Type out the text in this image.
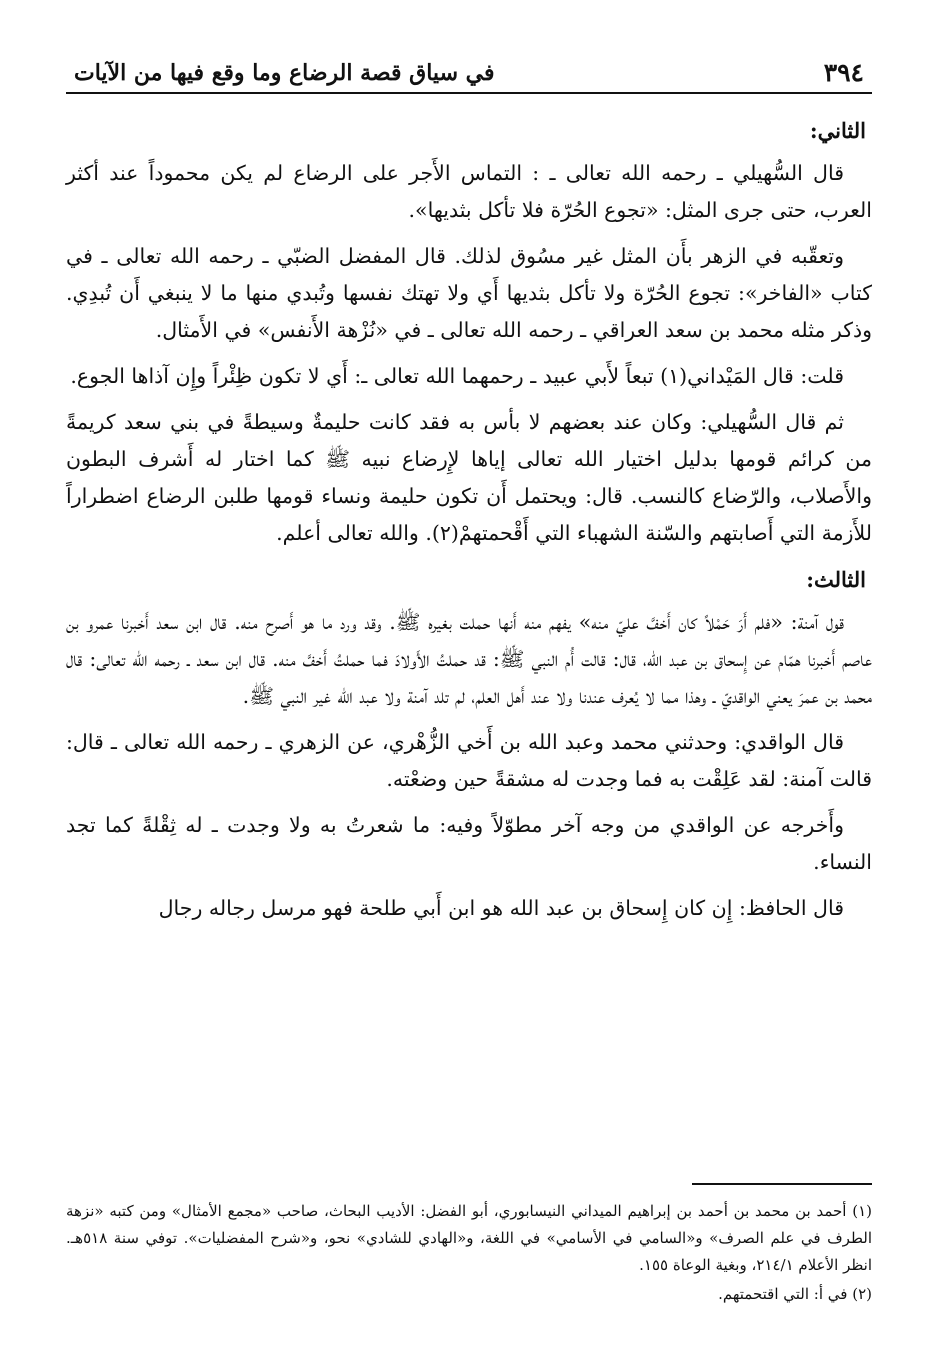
٣٩٤
في سياق قصة الرضاع وما وقع فيها من الآيات
الثاني:

قال السُّهيلي ـ رحمه الله تعالى ـ : التماس الأَجر على الرضاع لم يكن محموداً عند أكثر العرب، حتى جرى المثل: «تجوع الحُرّة فلا تأكل بثديها».

وتعقّبه في الزهر بأَن المثل غير مسُوق لذلك. قال المفضل الضبّي ـ رحمه الله تعالى ـ في كتاب «الفاخر»: تجوع الحُرّة ولا تأكل بثديها أَي ولا تهتك نفسها وتُبدي منها ما لا ينبغي أَن تُبدِي. وذكر مثله محمد بن سعد العراقي ـ رحمه الله تعالى ـ في «نُزْهة الأَنفس» في الأَمثال.

قلت: قال المَيْداني(١) تبعاً لأَبي عبيد ـ رحمهما الله تعالى ـ: أَي لا تكون ظِئْراً وإِن آذاها الجوع.

ثم قال السُّهيلي: وكان عند بعضهم لا بأس به فقد كانت حليمةٌ وسيطةً في بني سعد كريمةً من كرائم قومها بدليل اختيار الله تعالى إياها لإِرضاع نبيه ﷺ كما اختار له أَشرف البطون والأَصلاب، والرّضاع كالنسب. قال: ويحتمل أَن تكون حليمة ونساء قومها طلبن الرضاع اضطراراً للأَزمة التي أَصابتهم والسّنة الشهباء التي أَقْحمتهمْ(٢). والله تعالى أعلم.

الثالث:

قول آمنة: «فلم أَرَ حَمْلاً كان أَخفَّ عليّ منه» يفهم منه أَنها حملت بغيره ﷺ. وقد ورد ما هو أَصرح منه. قال ابن سعد أَخبرنا عمرو بن عاصم أَخبرنا همّام عن إِسحاق بن عبد الله، قال: قالت أُم النبي ﷺ: قد حملتُ الأَولادَ فما حملتُ أَخفَّ منه. قال ابن سعد ـ رحمه الله تعالى: قال محمد بن عمرَ يعني الواقديّ ـ وهذا مما لا يُعرف عندنا ولا عند أَهل العلم، لم تلد آمنة ولا عبد الله غير النبي ﷺ.

قال الواقدي: وحدثني محمد وعبد الله بن أَخي الزُّهْري، عن الزهري ـ رحمه الله تعالى ـ قال: قالت آمنة: لقد عَلِقْت به فما وجدت له مشقةً حين وضعْته.

وأَخرجه عن الواقدي من وجه آخر مطوّلاً وفيه: ما شعرتُ به ولا وجدت ـ له ثِقْلةً كما تجد النساء.

قال الحافظ: إِن كان إِسحاق بن عبد الله هو ابن أَبي طلحة فهو مرسل رجاله رجال

(١) أحمد بن محمد بن أحمد بن إبراهيم الميداني النيسابوري، أبو الفضل: الأديب البحاث، صاحب «مجمع الأمثال» ومن كتبه «نزهة الطرف في علم الصرف» و«السامي في الأسامي» في اللغة، و«الهادي للشادي» نحو، و«شرح المفضليات». توفي سنة ٥١٨هـ. انظر الأعلام ٢١٤/١، وبغية الوعاة ١٥٥.

(٢) في أ: التي اقتحمتهم.
